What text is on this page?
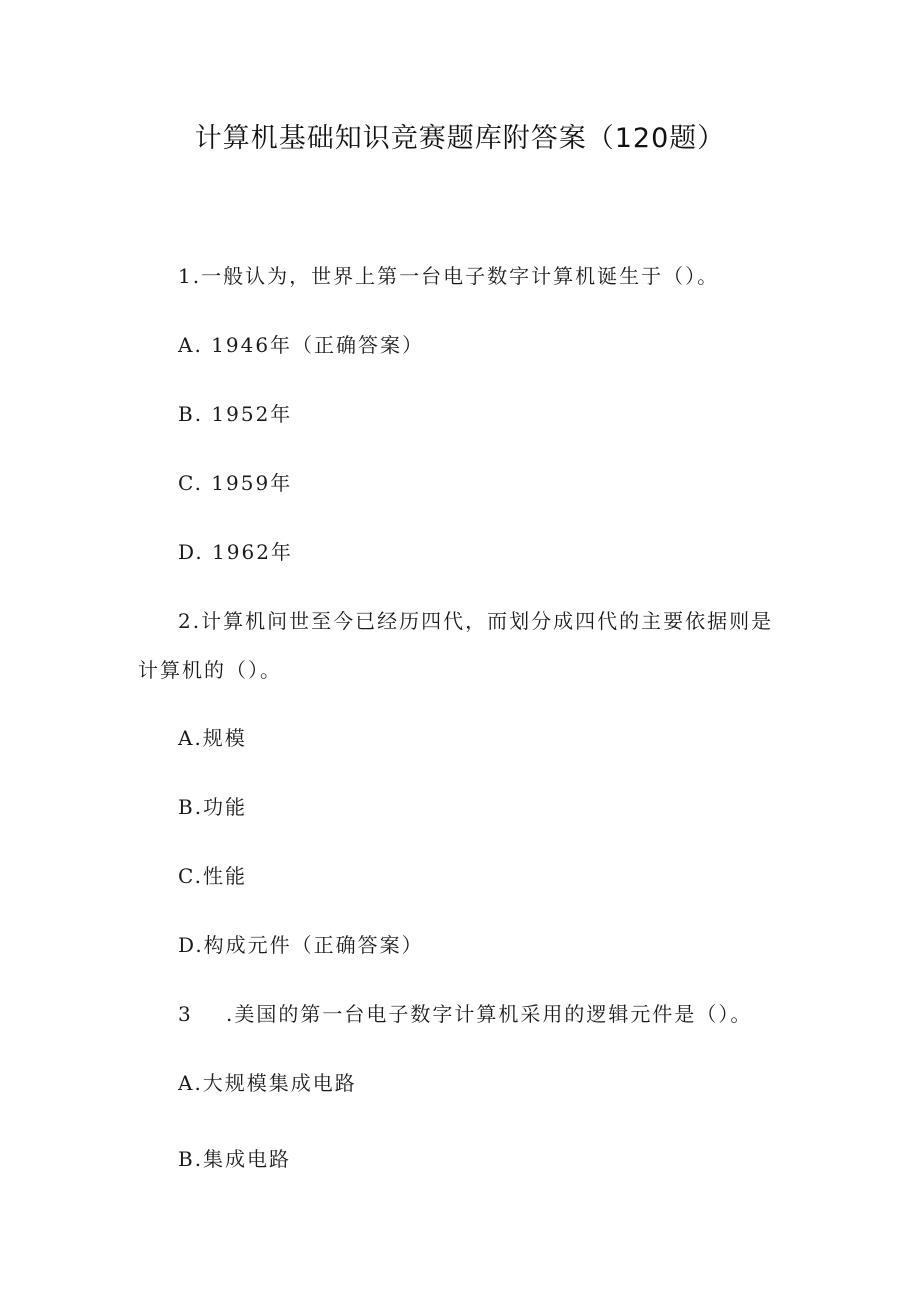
计算机基础知识竞赛题库附答案（120题）
1.一般认为，世界上第一台电子数字计算机诞生于（）。
A. 1946年（正确答案）
B. 1952年
C. 1959年
D. 1962年
2.计算机问世至今已经历四代，而划分成四代的主要依据则是
计算机的（）。
A.规模
B.功能
C.性能
D.构成元件（正确答案）
3 .美国的第一台电子数字计算机采用的逻辑元件是（）。
A.大规模集成电路
B.集成电路
